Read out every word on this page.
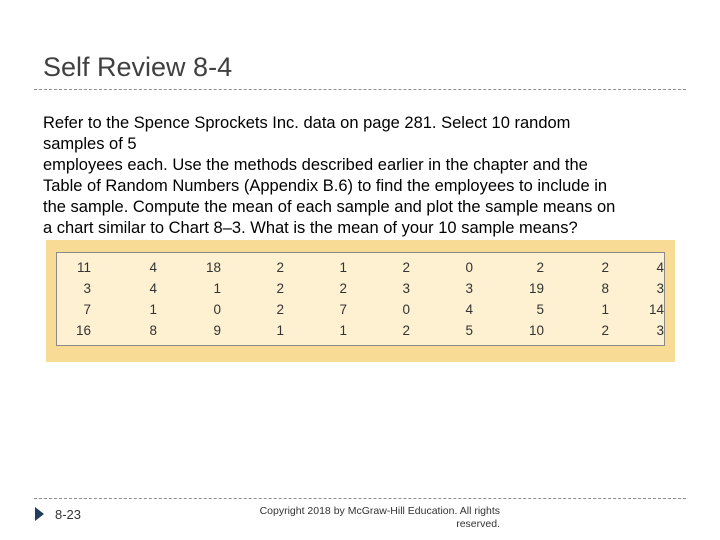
Self Review 8-4

Refer to the Spence Sprockets Inc. data on page 281. Select 10 random
samples of 5
employees each. Use the methods described earlier in the chapter and the
Table of Random Numbers (Appendix B.6) to find the employees to include in
the sample. Compute the mean of each sample and plot the sample means on
a chart similar to Chart 8–3. What is the mean of your 10 sample means?

11	4	18	2	1	2	0	2	2	4
3	4	1	2	2	3	3	19	8	3
7	1	0	2	7	0	4	5	1	14
16	8	9	1	1	2	5	10	2	3
8-23	Copyright 2018 by McGraw-Hill Education. All rights
reserved.
